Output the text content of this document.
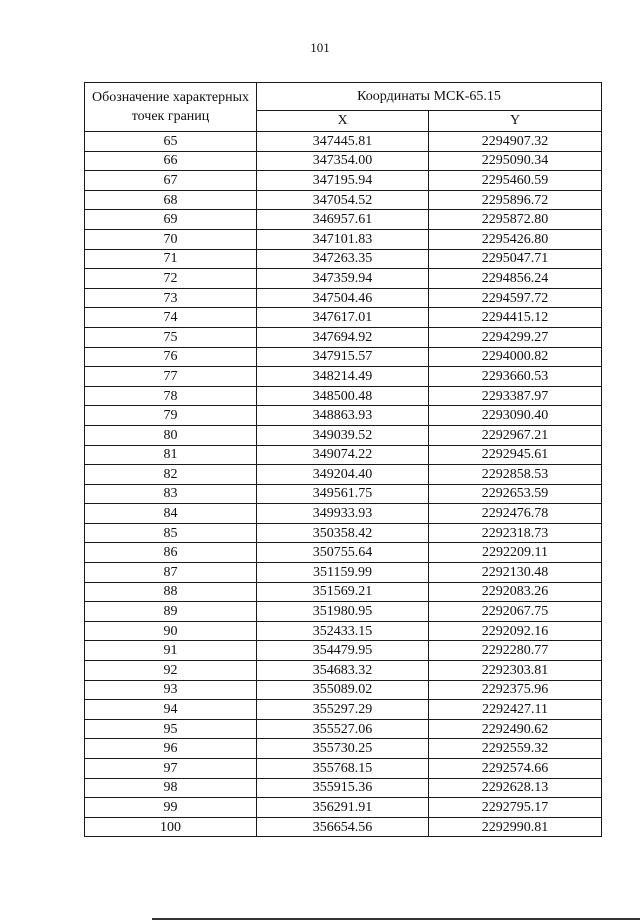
101
Обозначение характерных точек границ	Координаты МСК-65.15	
	X	Y
65	347445.81	2294907.32
66	347354.00	2295090.34
67	347195.94	2295460.59
68	347054.52	2295896.72
69	346957.61	2295872.80
70	347101.83	2295426.80
71	347263.35	2295047.71
72	347359.94	2294856.24
73	347504.46	2294597.72
74	347617.01	2294415.12
75	347694.92	2294299.27
76	347915.57	2294000.82
77	348214.49	2293660.53
78	348500.48	2293387.97
79	348863.93	2293090.40
80	349039.52	2292967.21
81	349074.22	2292945.61
82	349204.40	2292858.53
83	349561.75	2292653.59
84	349933.93	2292476.78
85	350358.42	2292318.73
86	350755.64	2292209.11
87	351159.99	2292130.48
88	351569.21	2292083.26
89	351980.95	2292067.75
90	352433.15	2292092.16
91	354479.95	2292280.77
92	354683.32	2292303.81
93	355089.02	2292375.96
94	355297.29	2292427.11
95	355527.06	2292490.62
96	355730.25	2292559.32
97	355768.15	2292574.66
98	355915.36	2292628.13
99	356291.91	2292795.17
100	356654.56	2292990.81
